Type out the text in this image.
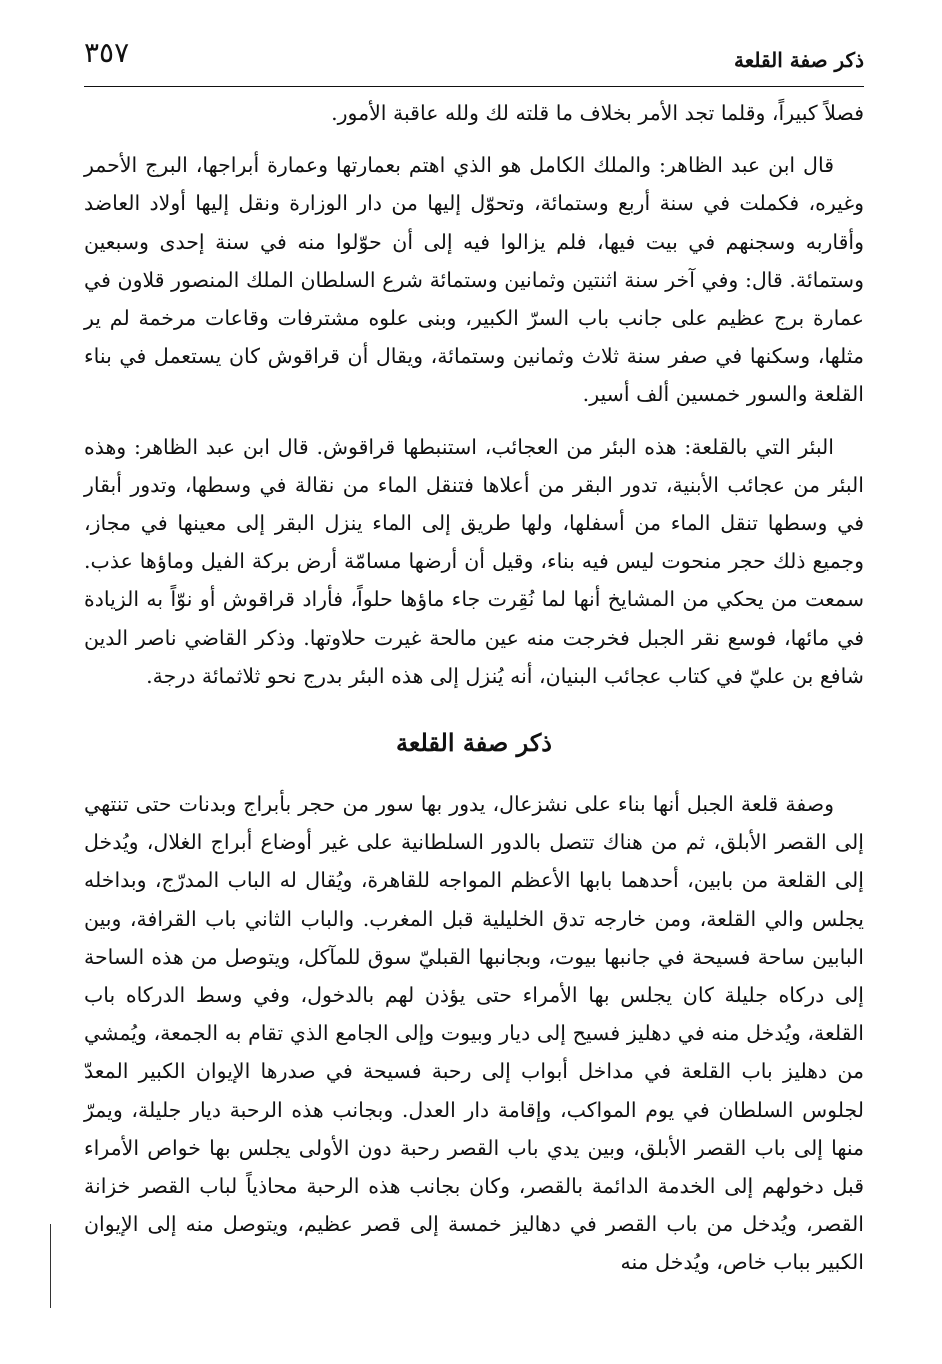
ذكر صفة القلعة
٣٥٧

فصلاً كبيراً، وقلما تجد الأمر بخلاف ما قلته لك ولله عاقبة الأمور.

قال ابن عبد الظاهر: والملك الكامل هو الذي اهتم بعمارتها وعمارة أبراجها، البرج الأحمر وغيره، فكملت في سنة أربع وستمائة، وتحوّل إليها من دار الوزارة ونقل إليها أولاد العاضد وأقاربه وسجنهم في بيت فيها، فلم يزالوا فيه إلى أن حوّلوا منه في سنة إحدى وسبعين وستمائة. قال: وفي آخر سنة اثنتين وثمانين وستمائة شرع السلطان الملك المنصور قلاون في عمارة برج عظيم على جانب باب السرّ الكبير، وبنى علوه مشترفات وقاعات مرخمة لم ير مثلها، وسكنها في صفر سنة ثلاث وثمانين وستمائة، ويقال أن قراقوش كان يستعمل في بناء القلعة والسور خمسين ألف أسير.

البئر التي بالقلعة: هذه البئر من العجائب، استنبطها قراقوش. قال ابن عبد الظاهر: وهذه البئر من عجائب الأبنية، تدور البقر من أعلاها فتنقل الماء من نقالة في وسطها، وتدور أبقار في وسطها تنقل الماء من أسفلها، ولها طريق إلى الماء ينزل البقر إلى معينها في مجاز، وجميع ذلك حجر منحوت ليس فيه بناء، وقيل أن أرضها مسامّة أرض بركة الفيل وماؤها عذب. سمعت من يحكي من المشايخ أنها لما نُقِرت جاء ماؤها حلواً، فأراد قراقوش أو نوّاً به الزيادة في مائها، فوسع نقر الجبل فخرجت منه عين مالحة غيرت حلاوتها. وذكر القاضي ناصر الدين شافع بن عليّ في كتاب عجائب البنيان، أنه يُنزل إلى هذه البئر بدرج نحو ثلاثمائة درجة.

ذكر صفة القلعة

وصفة قلعة الجبل أنها بناء على نشزعال، يدور بها سور من حجر بأبراج وبدنات حتى تنتهي إلى القصر الأبلق، ثم من هناك تتصل بالدور السلطانية على غير أوضاع أبراج الغلال، ويُدخل إلى القلعة من بابين، أحدهما بابها الأعظم المواجه للقاهرة، ويُقال له الباب المدرّج، وبداخله يجلس والي القلعة، ومن خارجه تدق الخليلية قبل المغرب. والباب الثاني باب القرافة، وبين البابين ساحة فسيحة في جانبها بيوت، وبجانبها القبليّ سوق للمآكل، ويتوصل من هذه الساحة إلى دركاه جليلة كان يجلس بها الأمراء حتى يؤذن لهم بالدخول، وفي وسط الدركاه باب القلعة، ويُدخل منه في دهليز فسيح إلى ديار وبيوت وإلى الجامع الذي تقام به الجمعة، ويُمشي من دهليز باب القلعة في مداخل أبواب إلى رحبة فسيحة في صدرها الإيوان الكبير المعدّ لجلوس السلطان في يوم المواكب، وإقامة دار العدل. وبجانب هذه الرحبة ديار جليلة، ويمرّ منها إلى باب القصر الأبلق، وبين يدي باب القصر رحبة دون الأولى يجلس بها خواص الأمراء قبل دخولهم إلى الخدمة الدائمة بالقصر، وكان بجانب هذه الرحبة محاذياً لباب القصر خزانة القصر، ويُدخل من باب القصر في دهاليز خمسة إلى قصر عظيم، ويتوصل منه إلى الإيوان الكبير بباب خاص، ويُدخل منه
